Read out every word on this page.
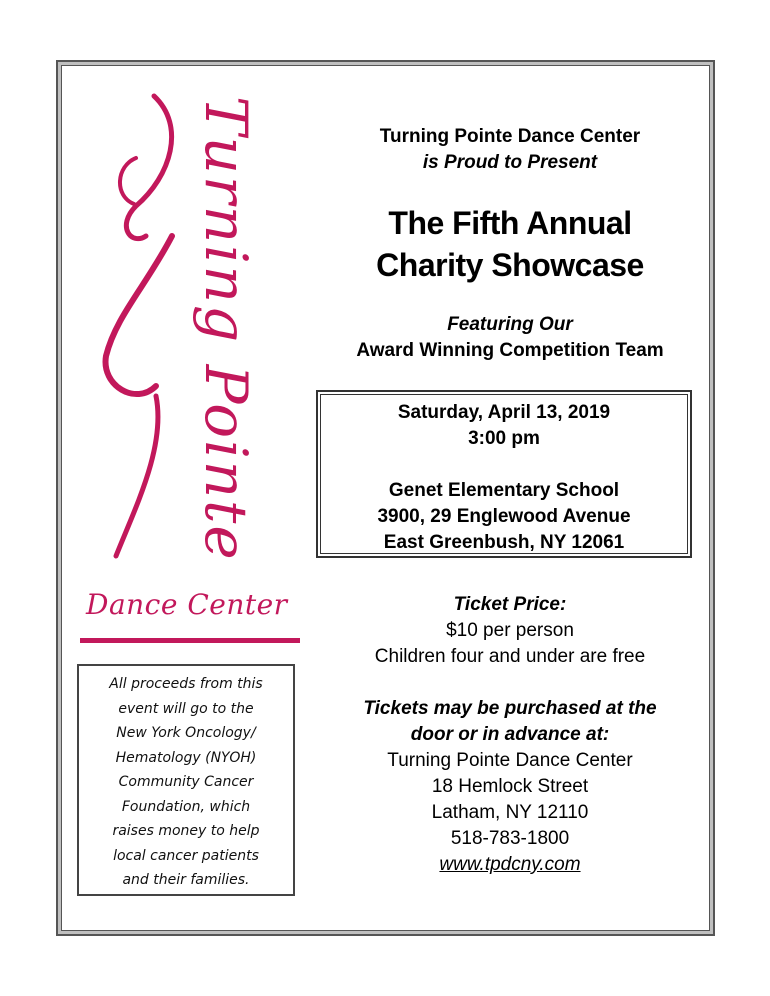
Turning Pointe
Dance Center
Turning Pointe Dance Center
is Proud to Present
The Fifth Annual
Charity Showcase
Featuring Our
Award Winning Competition Team
Saturday, April 13, 2019
3:00 pm
Genet Elementary School
3900, 29 Englewood Avenue
East Greenbush, NY 12061
Ticket Price:
$10 per person
Children four and under are free
Tickets may be purchased at the
door or in advance at:
Turning Pointe Dance Center
18 Hemlock Street
Latham, NY 12110
518-783-1800
www.tpdcny.com
All proceeds from this
event will go to the
New York Oncology/
Hematology (NYOH)
Community Cancer
Foundation, which
raises money to help
local cancer patients
and their families.
